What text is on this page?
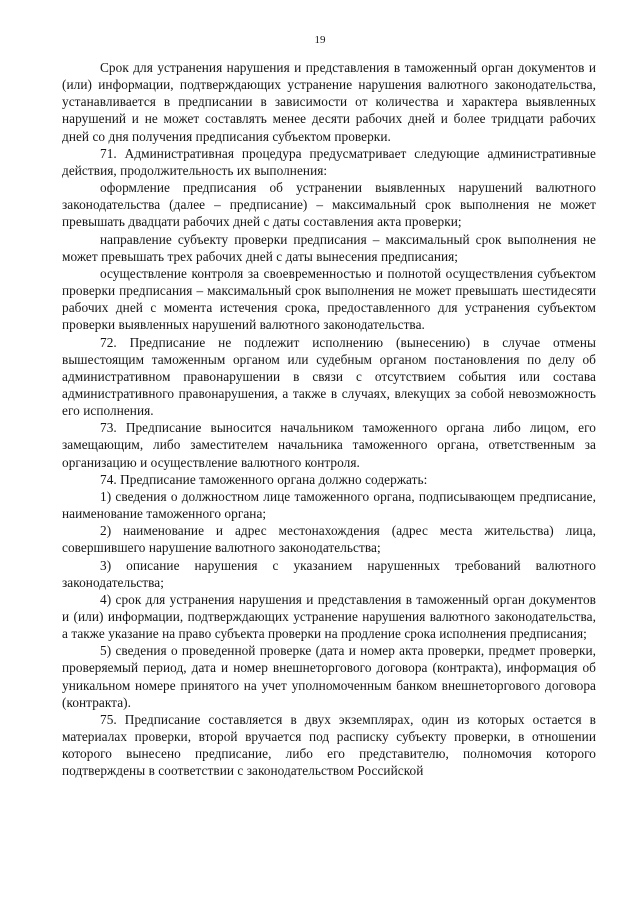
19

Срок для устранения нарушения и представления в таможенный орган документов и (или) информации, подтверждающих устранение нарушения валютного законодательства, устанавливается в предписании в зависимости от количества и характера выявленных нарушений и не может составлять менее десяти рабочих дней и более тридцати рабочих дней со дня получения предписания субъектом проверки.

71. Административная процедура предусматривает следующие административные действия, продолжительность их выполнения:

оформление предписания об устранении выявленных нарушений валютного законодательства (далее – предписание) – максимальный срок выполнения не может превышать двадцати рабочих дней с даты составления акта проверки;

направление субъекту проверки предписания – максимальный срок выполнения не может превышать трех рабочих дней с даты вынесения предписания;

осуществление контроля за своевременностью и полнотой осуществления субъектом проверки предписания – максимальный срок выполнения не может превышать шестидесяти рабочих дней с момента истечения срока, предоставленного для устранения субъектом проверки выявленных нарушений валютного законодательства.

72. Предписание не подлежит исполнению (вынесению) в случае отмены вышестоящим таможенным органом или судебным органом постановления по делу об административном правонарушении в связи с отсутствием события или состава административного правонарушения, а также в случаях, влекущих за собой невозможность его исполнения.

73. Предписание выносится начальником таможенного органа либо лицом, его замещающим, либо заместителем начальника таможенного органа, ответственным за организацию и осуществление валютного контроля.

74. Предписание таможенного органа должно содержать:

1) сведения о должностном лице таможенного органа, подписывающем предписание, наименование таможенного органа;

2) наименование и адрес местонахождения (адрес места жительства) лица, совершившего нарушение валютного законодательства;

3) описание нарушения с указанием нарушенных требований валютного законодательства;

4) срок для устранения нарушения и представления в таможенный орган документов и (или) информации, подтверждающих устранение нарушения валютного законодательства, а также указание на право субъекта проверки на продление срока исполнения предписания;

5) сведения о проведенной проверке (дата и номер акта проверки, предмет проверки, проверяемый период, дата и номер внешнеторгового договора (контракта), информация об уникальном номере принятого на учет уполномоченным банком внешнеторгового договора (контракта).

75. Предписание составляется в двух экземплярах, один из которых остается в материалах проверки, второй вручается под расписку субъекту проверки, в отношении которого вынесено предписание, либо его представителю, полномочия которого подтверждены в соответствии с законодательством Российской
